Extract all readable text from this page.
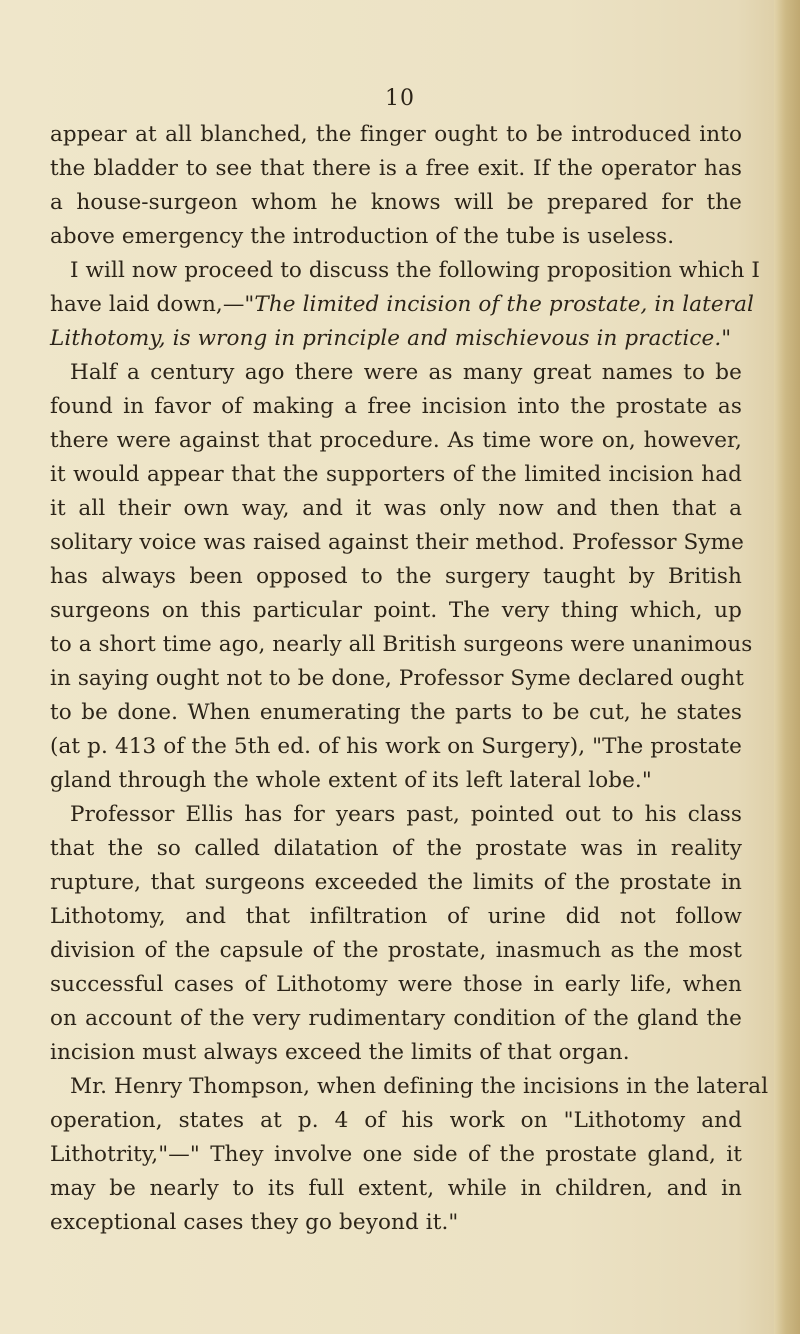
10
appear at all blanched, the finger ought to be introduced into
the bladder to see that there is a free exit. If the operator has
a house-surgeon whom he knows will be prepared for the
above emergency the introduction of the tube is useless.
I will now proceed to discuss the following proposition which I
have laid down,—"The limited incision of the prostate, in lateral
Lithotomy, is wrong in principle and mischievous in practice."
Half a century ago there were as many great names to be
found in favor of making a free incision into the prostate as
there were against that procedure. As time wore on, however,
it would appear that the supporters of the limited incision had
it all their own way, and it was only now and then that a
solitary voice was raised against their method. Professor Syme
has always been opposed to the surgery taught by British
surgeons on this particular point. The very thing which, up
to a short time ago, nearly all British surgeons were unanimous
in saying ought not to be done, Professor Syme declared ought
to be done. When enumerating the parts to be cut, he states
(at p. 413 of the 5th ed. of his work on Surgery), "The prostate
gland through the whole extent of its left lateral lobe."
Professor Ellis has for years past, pointed out to his class
that the so called dilatation of the prostate was in reality
rupture, that surgeons exceeded the limits of the prostate in
Lithotomy, and that infiltration of urine did not follow
division of the capsule of the prostate, inasmuch as the most
successful cases of Lithotomy were those in early life, when
on account of the very rudimentary condition of the gland the
incision must always exceed the limits of that organ.
Mr. Henry Thompson, when defining the incisions in the lateral
operation, states at p. 4 of his work on "Lithotomy and
Lithotrity,"—" They involve one side of the prostate gland, it
may be nearly to its full extent, while in children, and in
exceptional cases they go beyond it."
